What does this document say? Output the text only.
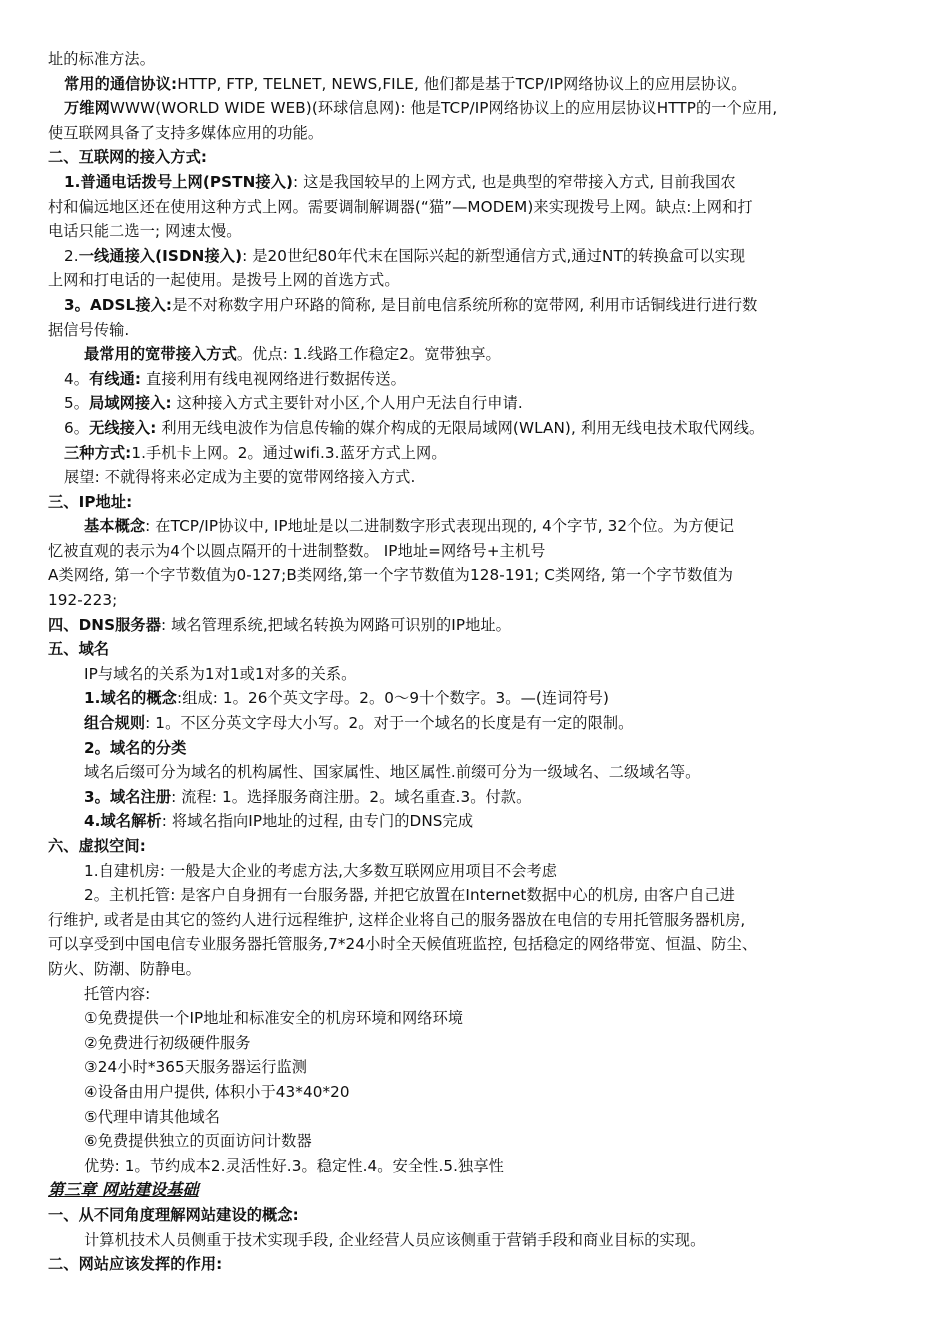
址的标准方法。
常用的通信协议:HTTP, FTP, TELNET, NEWS,FILE, 他们都是基于TCP/IP网络协议上的应用层协议。
万维网WWW(WORLD WIDE WEB)(环球信息网): 他是TCP/IP网络协议上的应用层协议HTTP的一个应用,
使互联网具备了支持多媒体应用的功能。
二、互联网的接入方式:
1.普通电话拨号上网(PSTN接入): 这是我国较早的上网方式, 也是典型的窄带接入方式, 目前我国农
村和偏远地区还在使用这种方式上网。需要调制解调器(“猫”—MODEM)来实现拨号上网。缺点:上网和打
电话只能二选一; 网速太慢。
2.一线通接入(ISDN接入): 是20世纪80年代末在国际兴起的新型通信方式,通过NT的转换盒可以实现
上网和打电话的一起使用。是拨号上网的首选方式。
3。ADSL接入:是不对称数字用户环路的简称, 是目前电信系统所称的宽带网, 利用市话铜线进行进行数
据信号传输.
最常用的宽带接入方式。优点: 1.线路工作稳定2。宽带独享。
4。有线通: 直接利用有线电视网络进行数据传送。
5。局域网接入: 这种接入方式主要针对小区,个人用户无法自行申请.
6。无线接入: 利用无线电波作为信息传输的媒介构成的无限局域网(WLAN), 利用无线电技术取代网线。
三种方式:1.手机卡上网。2。通过wifi.3.蓝牙方式上网。
展望: 不就得将来必定成为主要的宽带网络接入方式.
三、IP地址:
基本概念: 在TCP/IP协议中, IP地址是以二进制数字形式表现出现的, 4个字节, 32个位。为方便记
忆被直观的表示为4个以圆点隔开的十进制整数。 IP地址=网络号+主机号
A类网络, 第一个字节数值为0-127;B类网络,第一个字节数值为128-191; C类网络, 第一个字节数值为
192-223;
四、DNS服务器: 域名管理系统,把域名转换为网路可识别的IP地址。
五、域名
IP与域名的关系为1对1或1对多的关系。
1.域名的概念:组成: 1。26个英文字母。2。0～9十个数字。3。—(连词符号)
组合规则: 1。不区分英文字母大小写。2。对于一个域名的长度是有一定的限制。
2。域名的分类
域名后缀可分为域名的机构属性、国家属性、地区属性.前缀可分为一级域名、二级域名等。
3。域名注册: 流程: 1。选择服务商注册。2。域名重查.3。付款。
4.域名解析: 将域名指向IP地址的过程, 由专门的DNS完成
六、虚拟空间:
1.自建机房: 一般是大企业的考虑方法,大多数互联网应用项目不会考虑
2。主机托管: 是客户自身拥有一台服务器, 并把它放置在Internet数据中心的机房, 由客户自己进
行维护, 或者是由其它的签约人进行远程维护, 这样企业将自己的服务器放在电信的专用托管服务器机房,
可以享受到中国电信专业服务器托管服务,7*24小时全天候值班监控, 包括稳定的网络带宽、恒温、防尘、
防火、防潮、防静电。
托管内容:
①免费提供一个IP地址和标准安全的机房环境和网络环境
②免费进行初级硬件服务
③24小时*365天服务器运行监测
④设备由用户提供, 体积小于43*40*20
⑤代理申请其他域名
⑥免费提供独立的页面访问计数器
优势: 1。节约成本2.灵活性好.3。稳定性.4。安全性.5.独享性
第三章 网站建设基础
一、从不同角度理解网站建设的概念:
计算机技术人员侧重于技术实现手段, 企业经营人员应该侧重于营销手段和商业目标的实现。
二、网站应该发挥的作用:
